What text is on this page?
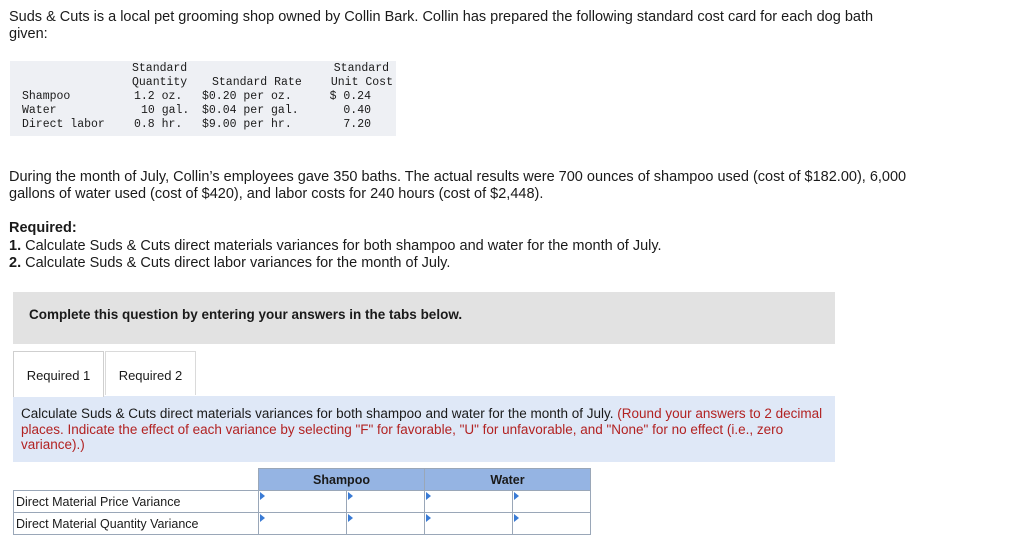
Suds & Cuts is a local pet grooming shop owned by Collin Bark. Collin has prepared the following standard cost card for each dog bath given:
Standard	Standard
Quantity Standard Rate	Unit Cost
Shampoo	1.2 oz. $0.20 per oz.	$ 0.24
Water	10 gal. $0.04 per gal.	0.40
Direct labor	0.8 hr. $9.00 per hr.	7.20
During the month of July, Collin’s employees gave 350 baths. The actual results were 700 ounces of shampoo used (cost of $182.00), 6,000 gallons of water used (cost of $420), and labor costs for 240 hours (cost of $2,448).
Required:
1. Calculate Suds & Cuts direct materials variances for both shampoo and water for the month of July.
2. Calculate Suds & Cuts direct labor variances for the month of July.
Complete this question by entering your answers in the tabs below.
Required 1	Required 2
Calculate Suds & Cuts direct materials variances for both shampoo and water for the month of July. (Round your answers to 2 decimal places. Indicate the effect of each variance by selecting "F" for favorable, "U" for unfavorable, and "None" for no effect (i.e., zero variance).)
	Shampoo		Water	
Direct Material Price Variance	

Direct Material Quantity Variance	
